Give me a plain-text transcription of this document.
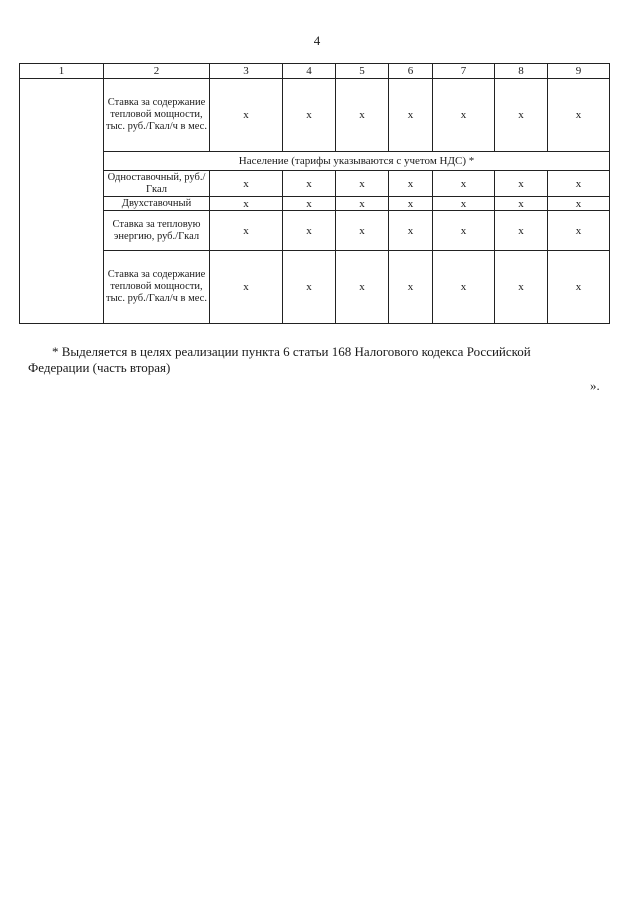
4
1	2	3	4	5	6	7	8	9
	Ставка за содержание тепловой мощности, тыс. руб./Гкал/ч в мес.	х	х	х	х	х	х	х
	Население (тарифы указываются с учетом НДС) *							
	Одноставочный, руб./Гкал	х	х	х	х	х	х	х
	Двухставочный	х	х	х	х	х	х	х
	Ставка за тепловую энергию, руб./Гкал	х	х	х	х	х	х	х
	Ставка за содержание тепловой мощности, тыс. руб./Гкал/ч в мес.	х	х	х	х	х	х	х
* Выделяется в целях реализации пункта 6 статьи 168 Налогового кодекса Российской Федерации (часть вторая)
».
